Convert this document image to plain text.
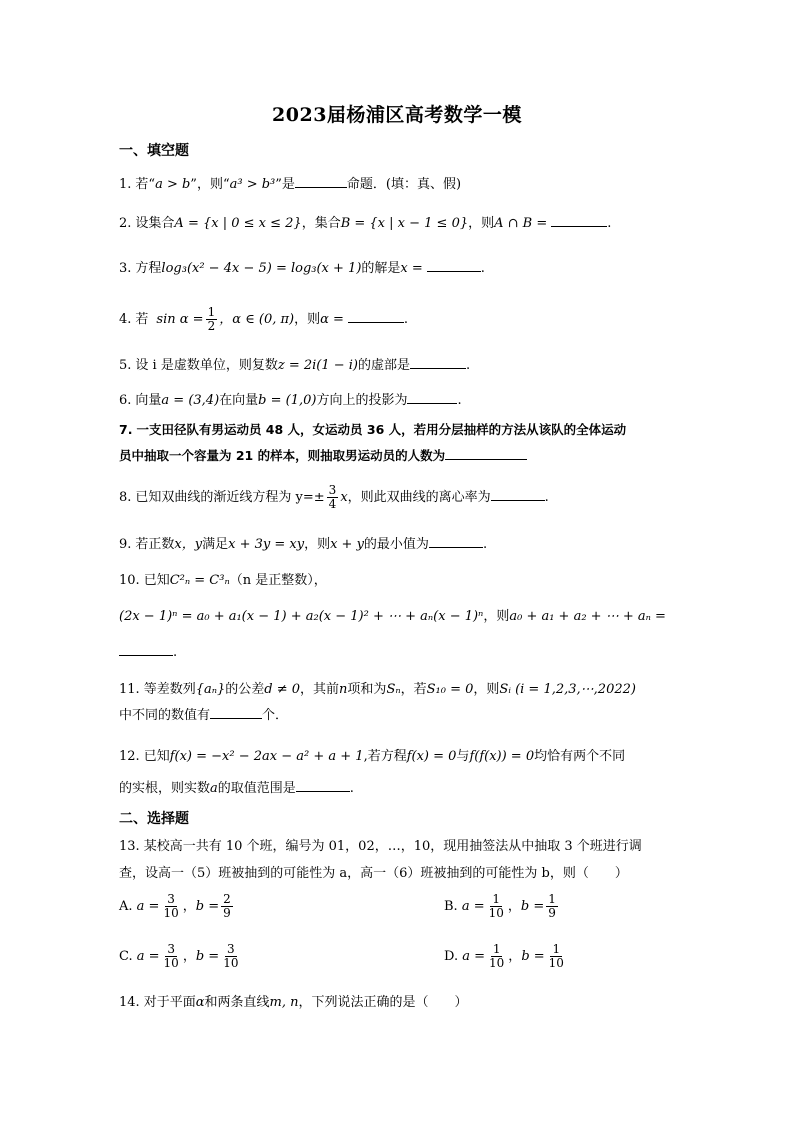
2023届杨浦区高考数学一模
一、填空题
1. 若“a > b”，则“a³ > b³”是	命题．(填：真、假)
2. 设集合A = {x | 0 ≤ x ≤ 2}，集合B = {x | x − 1 ≤ 0}，则A ∩ B =	.
3. 方程log₃(x² − 4x − 5) = log₃(x + 1)的解是x =	.
4. 若 $\sin \alpha = \frac{1}{2}$ ，α ∈ (0, π)，则α =	.
5. 设 i 是虚数单位，则复数z = 2i(1 − i)的虚部是	.
6. 向量a = (3,4)在向量b = (1,0)方向上的投影为	.
7. 一支田径队有男运动员 48 人，女运动员 36 人，若用分层抽样的方法从该队的全体运动
员中抽取一个容量为 21 的样本，则抽取男运动员的人数为
8. 已知双曲线的渐近线方程为 $y=\pm \frac{3}{4}$ x，则此双曲线的离心率为	.
9. 若正数x，y满足x + 3y = xy，则x + y的最小值为	.
10. 已知C²ₙ = C³ₙ（n 是正整数），
(2x − 1)ⁿ = a₀ + a₁(x − 1) + a₂(x − 1)² + ⋯ + aₙ(x − 1)ⁿ，则a₀ + a₁ + a₂ + ⋯ + aₙ =
.
11. 等差数列{aₙ}的公差d ≠ 0，其前n项和为Sₙ，若S₁₀ = 0，则Sᵢ (i = 1,2,3,⋯,2022)
中不同的数值有	个．
12. 已知f(x) = −x² − 2ax − a² + a + 1,若方程f(x) = 0与f(f(x)) = 0均恰有两个不同
的实根，则实数a的取值范围是	.
二、选择题
13. 某校高一共有 10 个班，编号为 01，02，…，10，现用抽签法从中抽取 3 个班进行调
查，设高一（5）班被抽到的可能性为 a，高一（6）班被抽到的可能性为 b，则（　　）
A. $a = \frac{3}{10}$ ，$b = \frac{2}{9}$	B. $a = \frac{1}{10}$ ，$b = \frac{1}{9}$
C. $a = \frac{3}{10}$ ，$b = \frac{3}{10}$	D. $a = \frac{1}{10}$ ，$b = \frac{1}{10}$
14. 对于平面α和两条直线m, n，下列说法正确的是（　　）
